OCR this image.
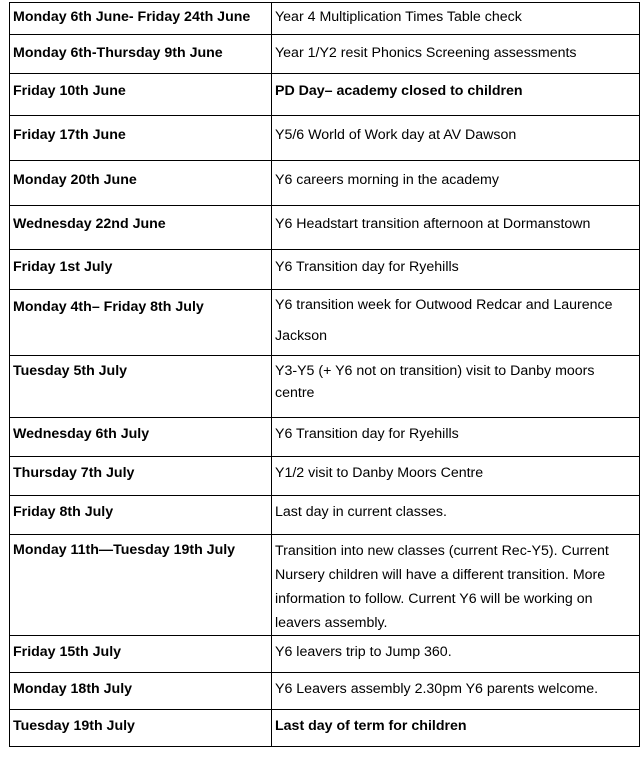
Monday 6th June- Friday 24th June	Year 4 Multiplication Times Table check
Monday 6th-Thursday 9th June	Year 1/Y2 resit Phonics Screening assessments
Friday 10th June	PD Day– academy closed to children
Friday 17th June	Y5/6 World of Work day at AV Dawson
Monday 20th June	Y6 careers morning in the academy
Wednesday 22nd June	Y6 Headstart transition afternoon at Dormanstown
Friday 1st July	Y6 Transition day for Ryehills
Monday 4th– Friday 8th July	Y6 transition week for Outwood Redcar and Laurence Jackson
Tuesday 5th July	Y3-Y5 (+ Y6 not on transition) visit to Danby moors centre
Wednesday 6th July	Y6 Transition day for Ryehills
Thursday 7th July	Y1/2 visit to Danby Moors Centre
Friday 8th July	Last day in current classes.
Monday 11th—Tuesday 19th July	Transition into new classes (current Rec-Y5). Current Nursery children will have a different transition. More information to follow. Current Y6 will be working on leavers assembly.
Friday 15th July	Y6 leavers trip to Jump 360.
Monday 18th July	Y6 Leavers assembly 2.30pm Y6 parents welcome.
Tuesday 19th July	Last day of term for children
